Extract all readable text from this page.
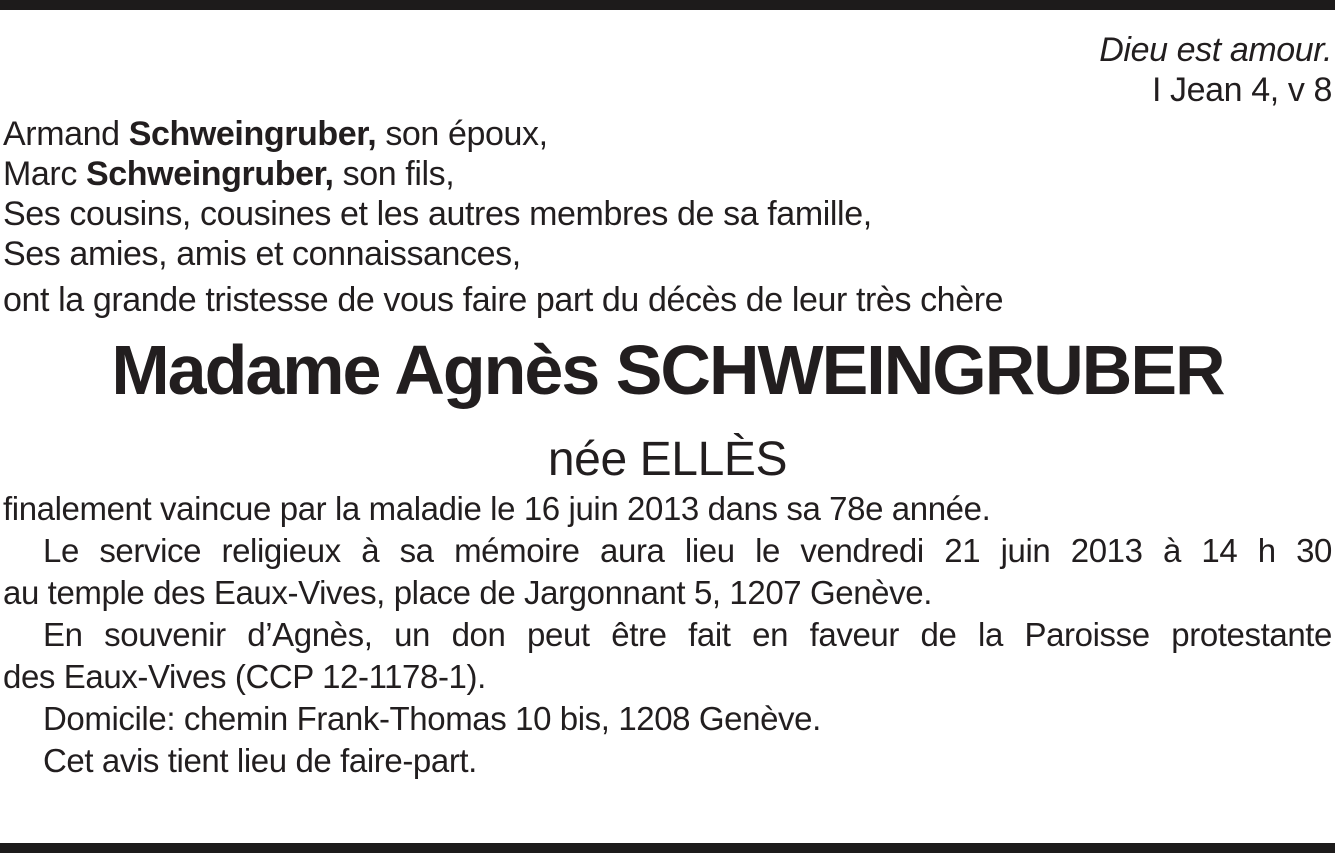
Dieu est amour.
I Jean 4, v 8
Armand Schweingruber, son époux,
Marc Schweingruber, son fils,
Ses cousins, cousines et les autres membres de sa famille,
Ses amies, amis et connaissances,
ont la grande tristesse de vous faire part du décès de leur très chère
Madame Agnès SCHWEINGRUBER
née ELLÈS

finalement vaincue par la maladie le 16 juin 2013 dans sa 78e année.

Le service religieux à sa mémoire aura lieu le vendredi 21 juin 2013 à 14 h 30
au temple des Eaux-Vives, place de Jargonnant 5, 1207 Genève.

En souvenir d’Agnès, un don peut être fait en faveur de la Paroisse protestante
des Eaux-Vives (CCP 12-1178-1).

Domicile: chemin Frank-Thomas 10 bis, 1208 Genève.

Cet avis tient lieu de faire-part.
